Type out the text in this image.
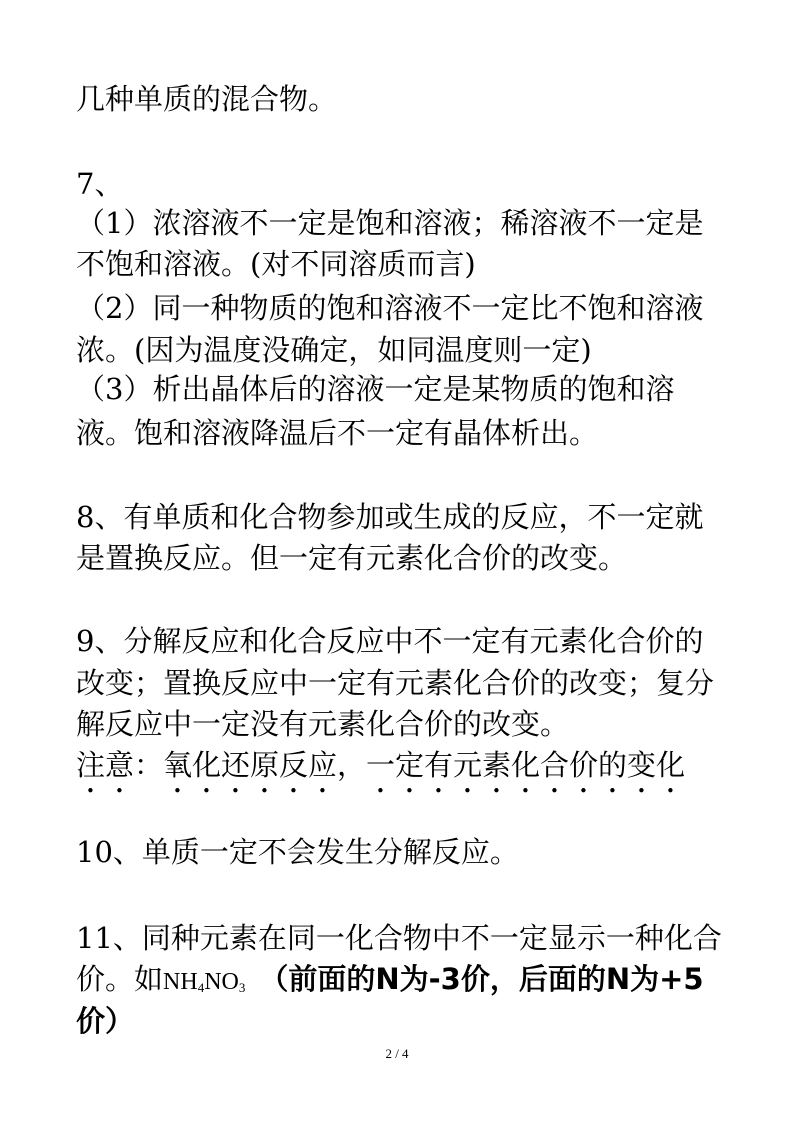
几种单质的混合物。
7、
（1）浓溶液不一定是饱和溶液；稀溶液不一定是
不饱和溶液。(对不同溶质而言)
（2）同一种物质的饱和溶液不一定比不饱和溶液
浓。(因为温度没确定，如同温度则一定)
（3）析出晶体后的溶液一定是某物质的饱和溶
液。饱和溶液降温后不一定有晶体析出。
8、有单质和化合物参加或生成的反应，不一定就
是置换反应。但一定有元素化合价的改变。
9、分解反应和化合反应中不一定有元素化合价的
改变；置换反应中一定有元素化合价的改变；复分
解反应中一定没有元素化合价的改变。
注意：氧化还原反应，一定有元素化合价的变化
10、单质一定不会发生分解反应。
11、同种元素在同一化合物中不一定显示一种化合
价。如$NH_4NO_3$ （前面的N为-3价，后面的N为+5
价）
2 / 4
